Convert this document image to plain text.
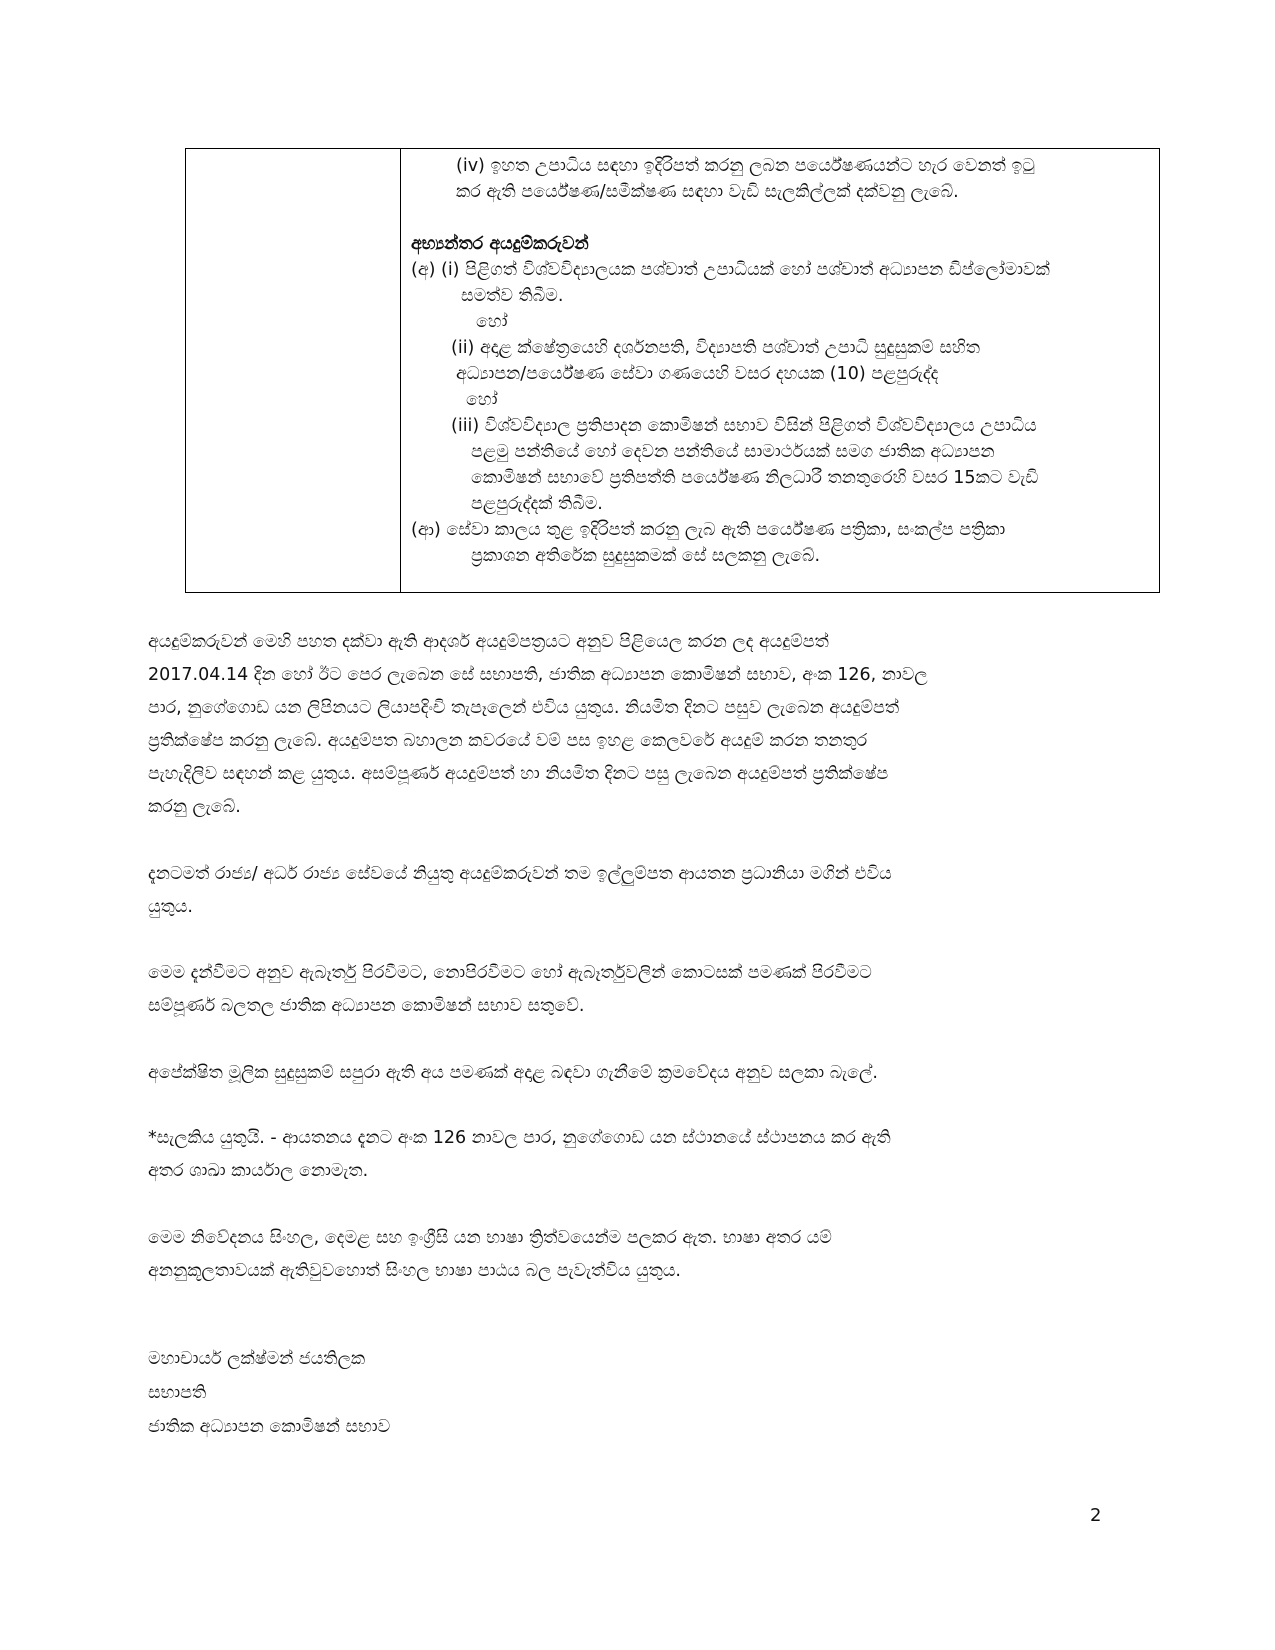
(iv) ඉහත උපාධිය සඳහා ඉදිරිපත් කරනු ලබන පර්යේෂණයන්ට හැර වෙනත් ඉටු
කර ඇති පර්යේෂණ/සමීක්ෂණ සඳහා වැඩි සැලකිල්ලක් දක්වනු ලැබේ.
අභ්‍යන්තර අයදුම්කරුවන්
(අ) (i) පිළිගත් විශ්වවිද්‍යාලයක පශ්චාත් උපාධියක් හෝ පශ්චාත් අධ්‍යාපන ඩිප්ලෝමාවක්
සමත්ව තිබීම.
හෝ
(ii) අදාළ ක්ෂේත්‍රයෙහි දර්ශනපති, විද්‍යාපති පශ්චාත් උපාධි සුදුසුකම් සහිත
අධ්‍යාපන/පර්යේෂණ සේවා ගණයෙහි වසර දහයක (10) පළපුරුද්ද
හෝ
(iii) විශ්වවිද්‍යාල ප්‍රතිපාදන කොමිෂන් සභාව විසින් පිළිගත් විශ්වවිද්‍යාලය උපාධිය
පළමු පන්තියේ හෝ දෙවන පන්තියේ සාමාර්ථයක් සමග ජාතික අධ්‍යාපන
කොමිෂන් සභාවේ ප්‍රතිපත්ති පර්යේෂණ නිලධාරී තනතුරෙහි වසර 15කට වැඩි
පළපුරුද්දක් තිබීම.
(ආ) සේවා කාලය තුළ ඉදිරිපත් කරනු ලැබ ඇති පර්යේෂණ පත්‍රිකා, සංකල්ප පත්‍රිකා
ප්‍රකාශන අතිරේක සුදුසුකමක් සේ සලකනු ලැබේ.
අයදුම්කරුවන් මෙහි පහත දක්වා ඇති ආදර්ශ අයදුම්පත්‍රයට අනුව පිළියෙල කරන ලද අයදුම්පත්
2017.04.14 දින හෝ ඊට පෙර ලැබෙන සේ සභාපති, ජාතික අධ්‍යාපන කොමිෂන් සභාව, අංක 126, නාවල
පාර, නුගේගොඩ යන ලිපිනයට ලියාපදිංචි තැපෑලෙන් එවිය යුතුය. නියමිත දිනට පසුව ලැබෙන අයදුම්පත්
ප්‍රතික්ෂේප කරනු ලැබේ. අයදුම්පත බහාලන කවරයේ වම් පස ඉහළ කෙලවරේ අයදුම් කරන තනතුර
පැහැදිලිව සඳහන් කළ යුතුය. අසම්පූර්ණ අයදුම්පත් හා නියමිත දිනට පසු ලැබෙන අයදුම්පත් ප්‍රතික්ෂේප
කරනු ලැබේ.
දැනටමත් රාජ්‍ය/ අර්ධ රාජ්‍ය සේවයේ නියුතු අයදුම්කරුවන් තම ඉල්ලුම්පත ආයතන ප්‍රධානියා මගින් එවිය
යුතුය.
මෙම දැන්වීමට අනුව ඇබෑර්තු පිරවීමට, නොපිරවීමට හෝ ඇබෑර්තුවලින් කොටසක් පමණක් පිරවීමට
සම්පූර්ණ බලතල ජාතික අධ්‍යාපන කොමිෂන් සභාව සතුවේ.
අපේක්ෂිත මූලික සුදුසුකම් සපුරා ඇති අය පමණක් අදාළ බඳවා ගැනීමේ ක්‍රමවේදය අනුව සලකා බැලේ.
*සැලකිය යුතුයි. - ආයතනය දැනට අංක 126 නාවල පාර, නුගේගොඩ යන ස්ථානයේ ස්ථාපනය කර ඇති
අතර ශාඛා කාර්යාල නොමැත.
මෙම නිවේදනය සිංහල, දෙමළ සහ ඉංග්‍රීසි යන භාෂා ත්‍රිත්වයෙන්ම පලකර ඇත. භාෂා අතර යම්
අනනුකූලතාවයක් ඇතිවුවහොත් සිංහල භාෂා පාඨය බල පැවැත්විය යුතුය.
මහාචාර්ය ලක්ෂ්මන් ජයතිලක
සභාපති
ජාතික අධ්‍යාපන කොමිෂන් සභාව
2
